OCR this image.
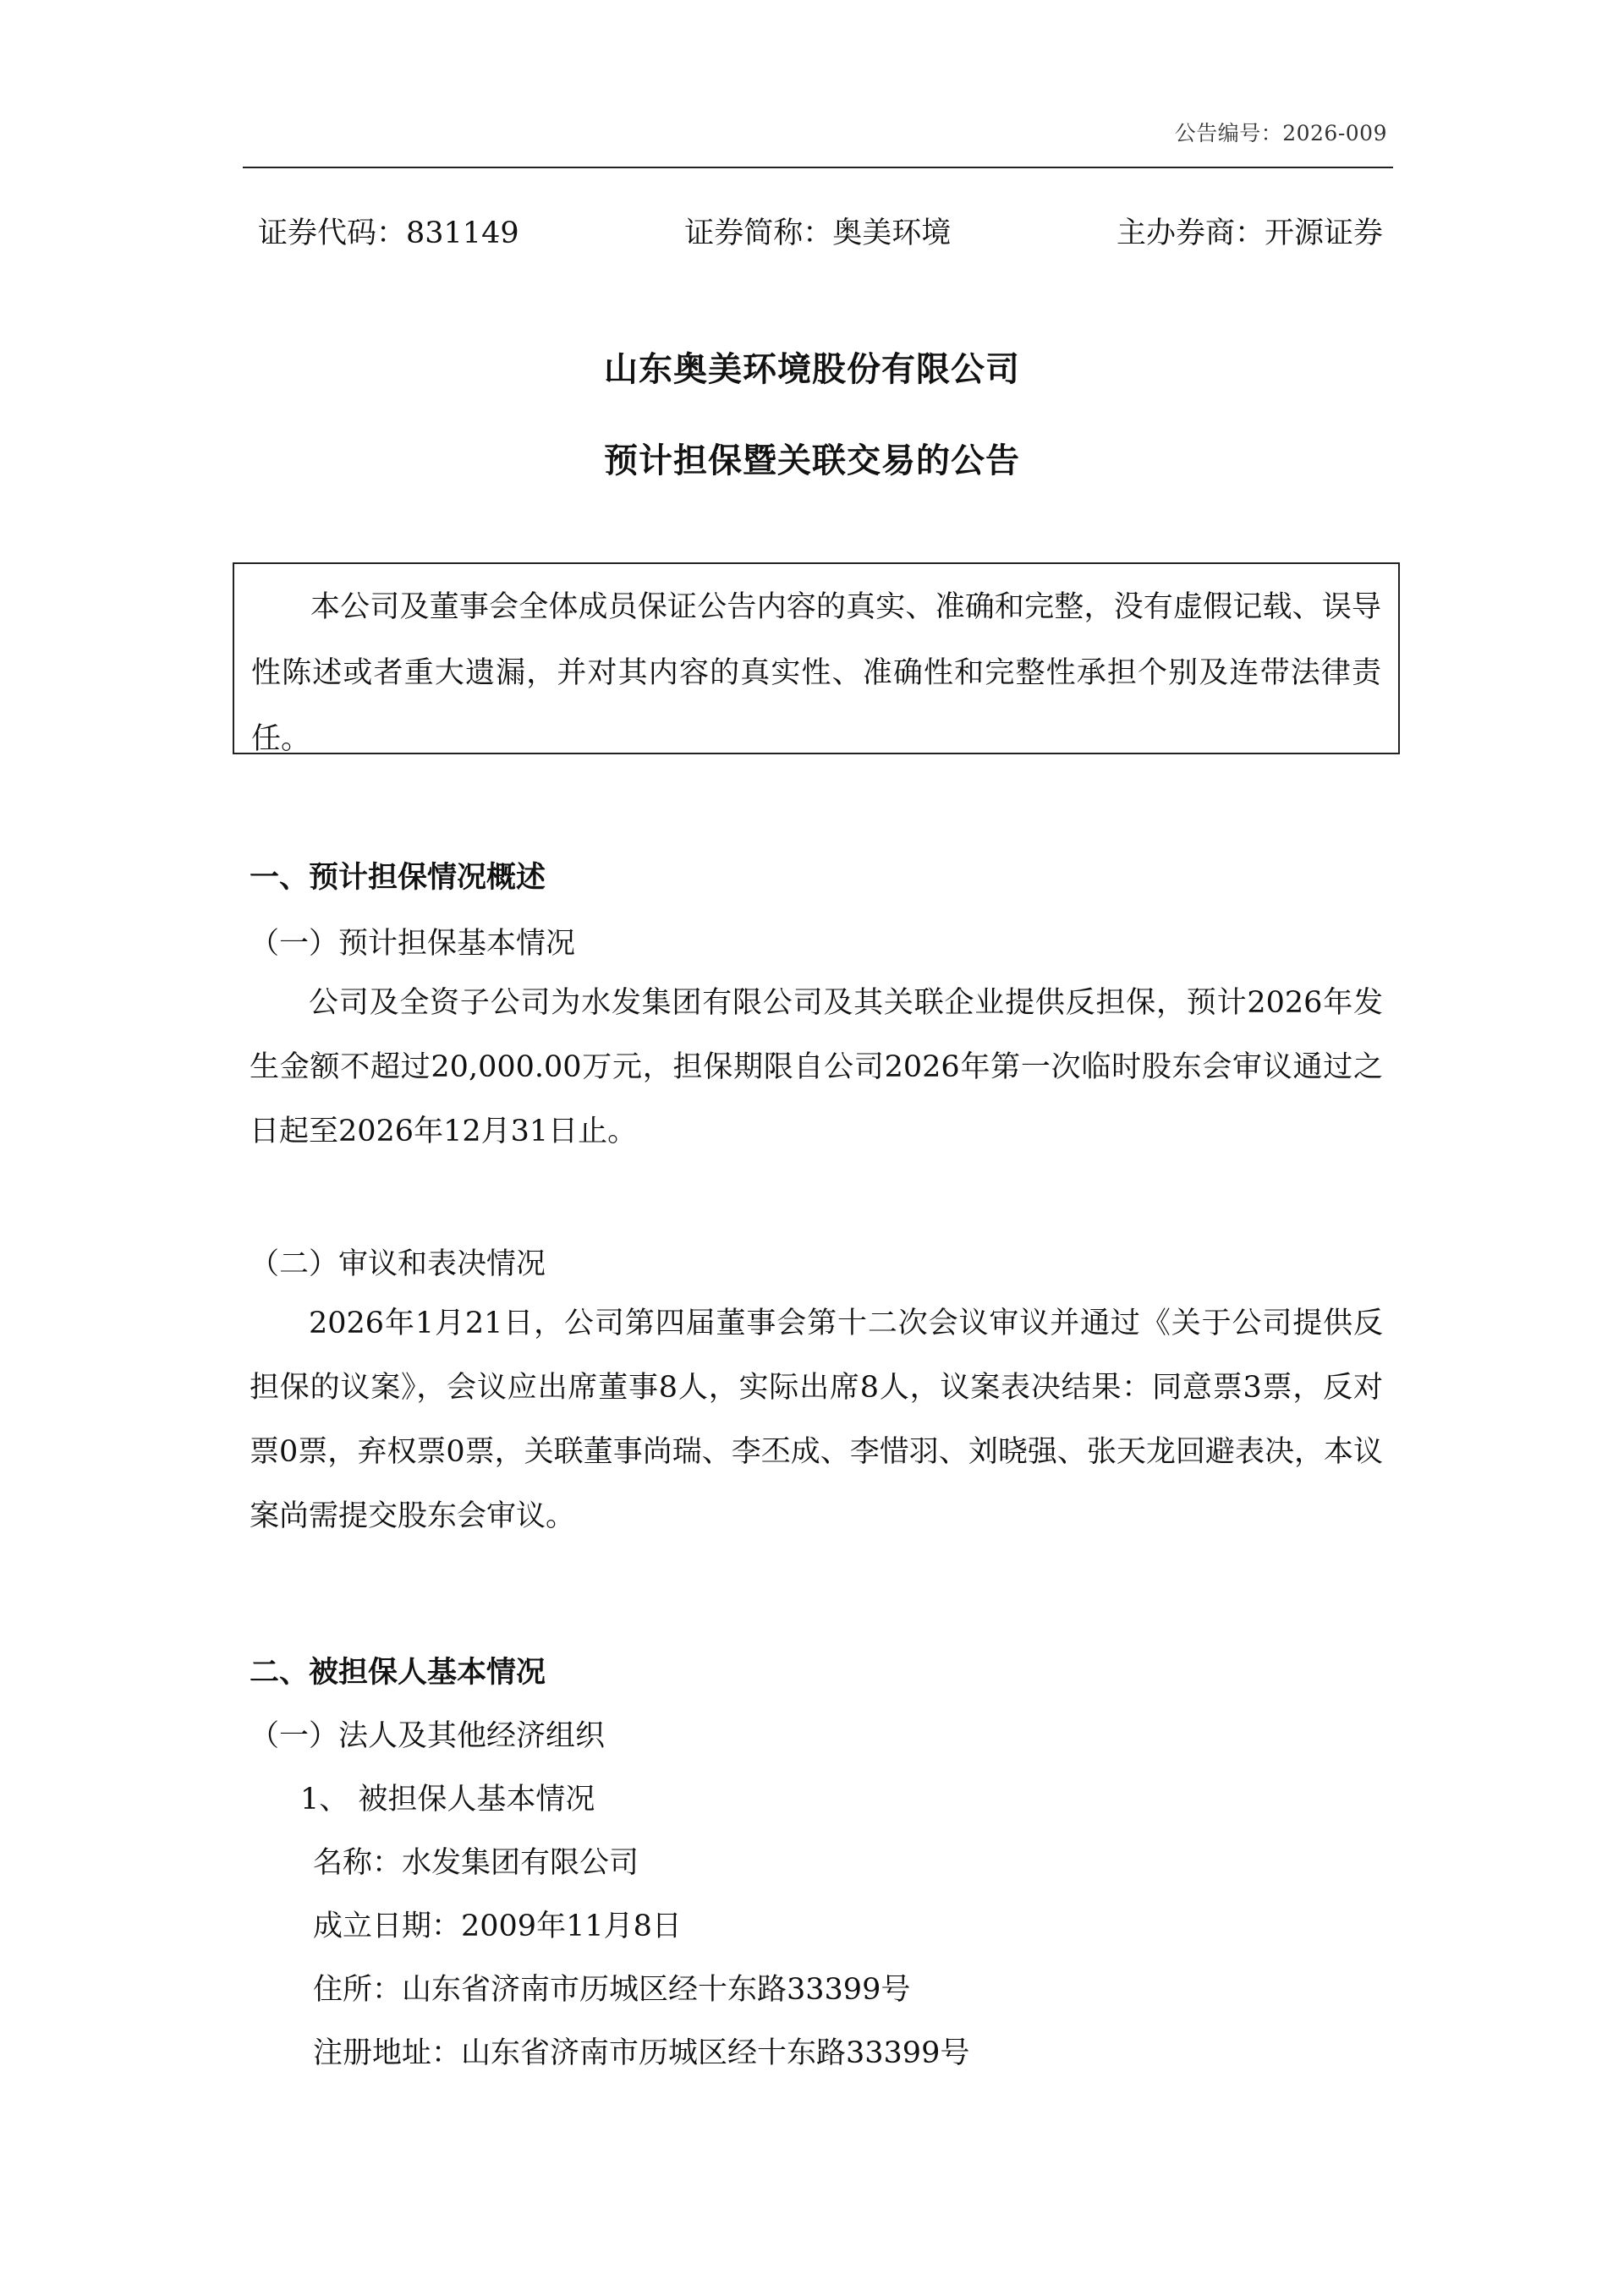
公告编号：2026-009
证券代码：831149	证券简称：奥美环境	主办券商：开源证券
山东奥美环境股份有限公司
预计担保暨关联交易的公告
本公司及董事会全体成员保证公告内容的真实、准确和完整，没有虚假记载、误导性陈述或者重大遗漏，并对其内容的真实性、准确性和完整性承担个别及连带法律责任。
一、预计担保情况概述
（一）预计担保基本情况
公司及全资子公司为水发集团有限公司及其关联企业提供反担保，预计2026年发生金额不超过20,000.00万元，担保期限自公司2026年第一次临时股东会审议通过之日起至2026年12月31日止。
（二）审议和表决情况
2026年1月21日，公司第四届董事会第十二次会议审议并通过《关于公司提供反担保的议案》，会议应出席董事8人，实际出席8人，议案表决结果：同意票3票，反对票0票，弃权票0票，关联董事尚瑞、李丕成、李惜羽、刘晓强、张天龙回避表决，本议案尚需提交股东会审议。
二、被担保人基本情况
（一）法人及其他经济组织
1、 被担保人基本情况
名称：水发集团有限公司
成立日期：2009年11月8日
住所：山东省济南市历城区经十东路33399号
注册地址：山东省济南市历城区经十东路33399号
